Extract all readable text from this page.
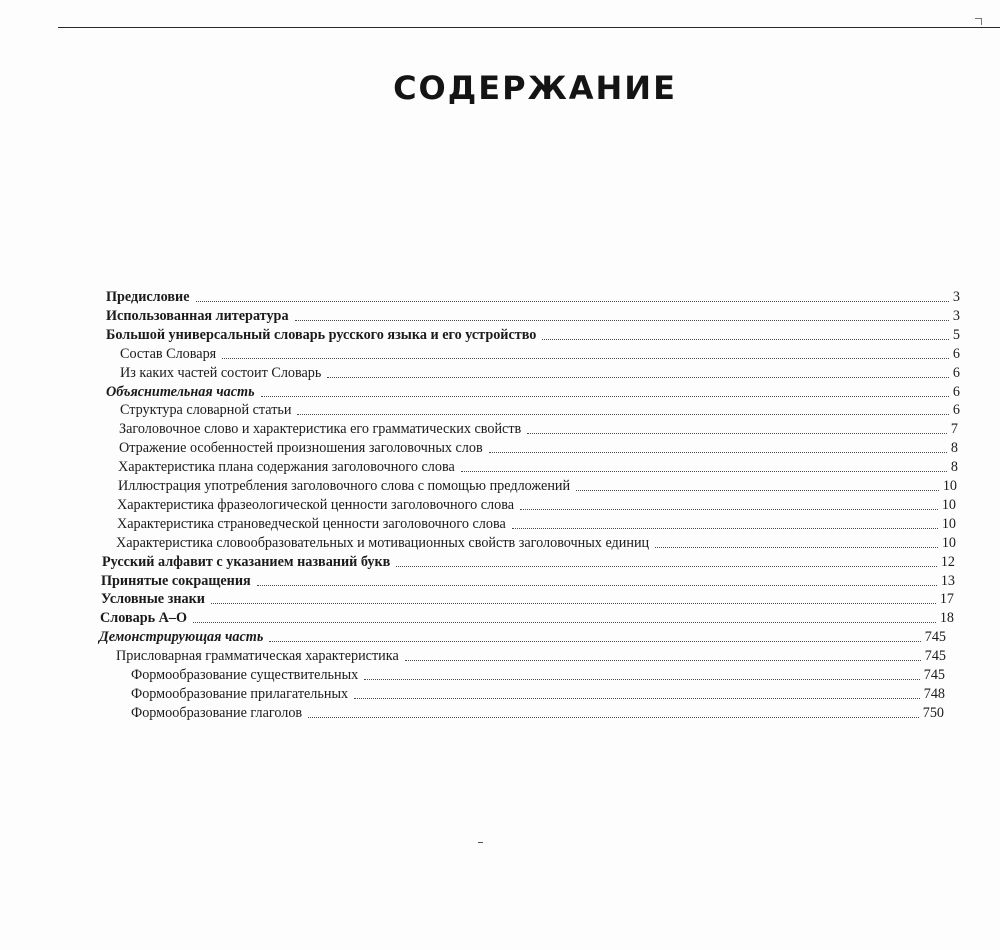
СОДЕРЖАНИЕ
Предисловие	3
Использованная литература	3
Большой универсальный словарь русского языка и его устройство	5
Состав Словаря	6
Из каких частей состоит Словарь	6
Объяснительная часть	6
Структура словарной статьи	6
Заголовочное слово и характеристика его грамматических свойств	7
Отражение особенностей произношения заголовочных слов	8
Характеристика плана содержания заголовочного слова	8
Иллюстрация употребления заголовочного слова с помощью предложений	10
Характеристика фразеологической ценности заголовочного слова	10
Характеристика страноведческой ценности заголовочного слова	10
Характеристика словообразовательных и мотивационных свойств заголовочных единиц	10
Русский алфавит с указанием названий букв	12
Принятые сокращения	13
Условные знаки	17
Словарь А–О	18
Демонстрирующая часть	745
Присловарная грамматическая характеристика	745
Формообразование существительных	745
Формообразование прилагательных	748
Формообразование глаголов	750
